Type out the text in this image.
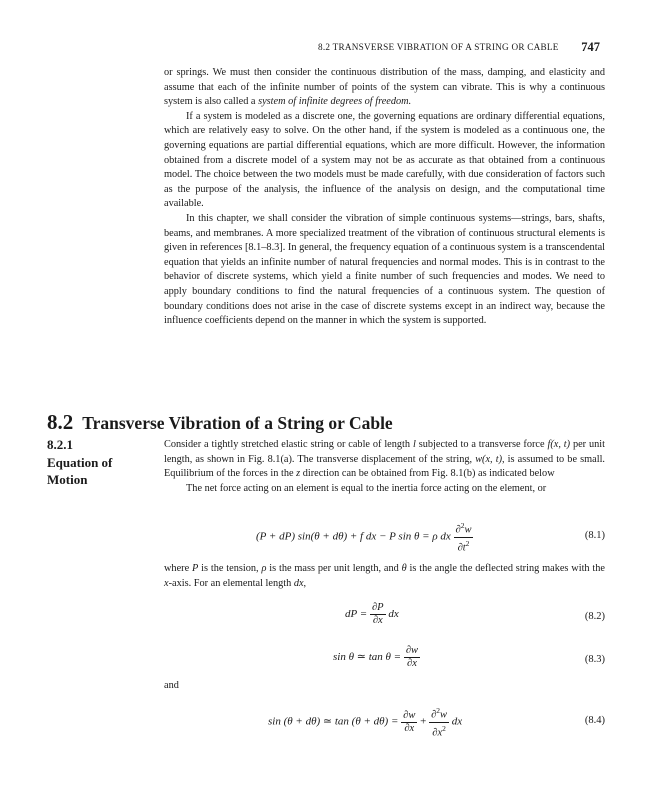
8.2 TRANSVERSE VIBRATION OF A STRING OR CABLE 747

or springs. We must then consider the continuous distribution of the mass, damping, and elasticity and assume that each of the infinite number of points of the system can vibrate. This is why a continuous system is also called a system of infinite degrees of freedom.

If a system is modeled as a discrete one, the governing equations are ordinary differential equations, which are relatively easy to solve. On the other hand, if the system is modeled as a continuous one, the governing equations are partial differential equations, which are more difficult. However, the information obtained from a discrete model of a system may not be as accurate as that obtained from a continuous model. The choice between the two models must be made carefully, with due consideration of factors such as the purpose of the analysis, the influence of the analysis on design, and the computational time available.

In this chapter, we shall consider the vibration of simple continuous systems—strings, bars, shafts, beams, and membranes. A more specialized treatment of the vibration of continuous structural elements is given in references [8.1–8.3]. In general, the frequency equation of a continuous system is a transcendental equation that yields an infinite number of natural frequencies and normal modes. This is in contrast to the behavior of discrete systems, which yield a finite number of such frequencies and modes. We need to apply boundary conditions to find the natural frequencies of a continuous system. The question of boundary conditions does not arise in the case of discrete systems except in an indirect way, because the influence coefficients depend on the manner in which the system is supported.

8.2 Transverse Vibration of a String or Cable
8.2.1
Equation of
Motion

Consider a tightly stretched elastic string or cable of length l subjected to a transverse force f(x, t) per unit length, as shown in Fig. 8.1(a). The transverse displacement of the string, w(x, t), is assumed to be small. Equilibrium of the forces in the z direction can be obtained from Fig. 8.1(b) as indicated below

The net force acting on an element is equal to the inertia force acting on the element, or

(P + dP) sin(θ + dθ) + f dx − P sin θ = ρ dx $\frac{\partial^2w}{\partial t^2}$	(8.1)

where P is the tension, ρ is the mass per unit length, and θ is the angle the deflected string makes with the x-axis. For an elemental length dx,

dP = $\frac{\partial P}{\partial x}$ dx	(8.2)
sin θ ≃ $\tan \theta = \frac{\partial w}{\partial x}$	(8.3)
and
sin (θ + dθ) ≃ $\tan (\theta + d\theta) = \frac{\partial w}{\partial x} + \frac{\partial^2w}{\partial x^2}$ dx	(8.4)
